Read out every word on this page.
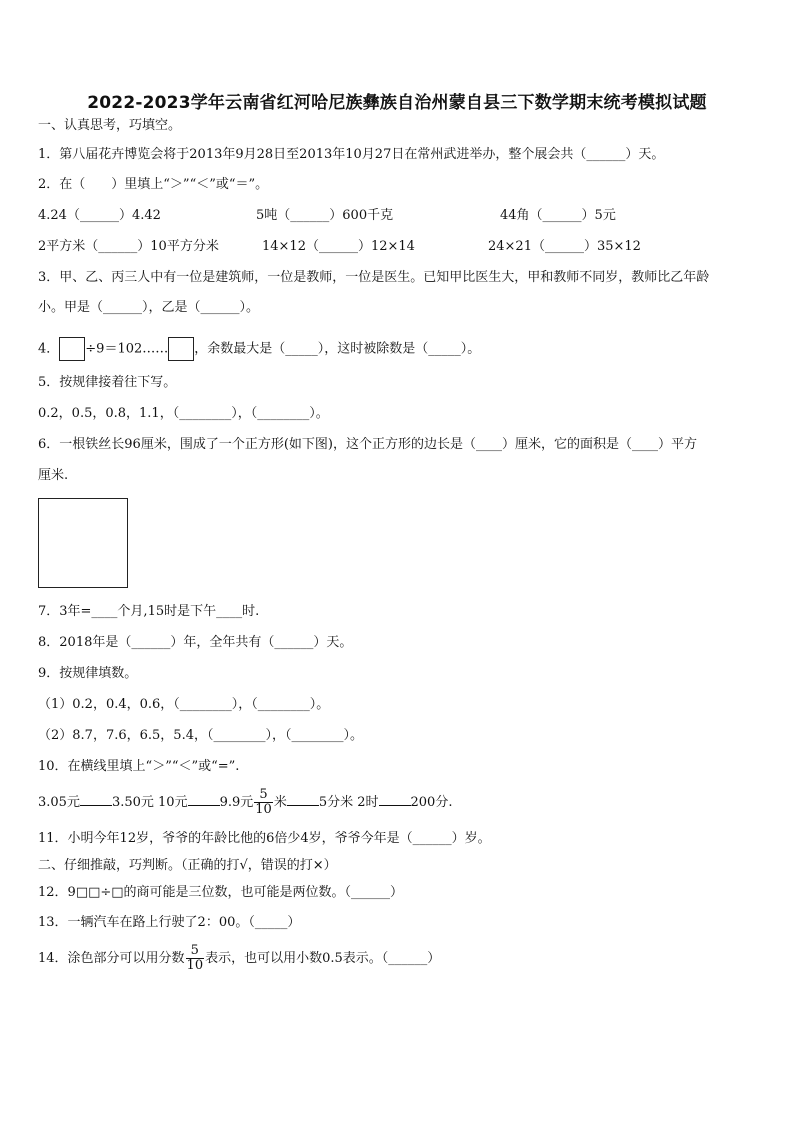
2022-2023学年云南省红河哈尼族彝族自治州蒙自县三下数学期末统考模拟试题
一、认真思考，巧填空。
1．第八届花卉博览会将于2013年9月28日至2013年10月27日在常州武进举办，整个展会共（______）天。
2．在（　　）里填上“＞”“＜”或“＝”。
4.24（______）4.42	5吨（______）600千克	44角（______）5元
2平方米（______）10平方分米	14×12（______）12×14	24×21（______）35×12
3．甲、乙、丙三人中有一位是建筑师，一位是教师，一位是医生。已知甲比医生大，甲和教师不同岁，教师比乙年龄
小。甲是（______），乙是（______）。
4． ÷9＝102…… ，余数最大是（_____），这时被除数是（_____）。
5．按规律接着往下写。
0.2，0.5，0.8，1.1，（________），（________）。
6．一根铁丝长96厘米，围成了一个正方形(如下图)，这个正方形的边长是（____）厘米，它的面积是（____）平方
厘米.
7．3年=____个月,15时是下午____时.
8．2018年是（______）年，全年共有（______）天。
9．按规律填数。
（1）0.2，0.4，0.6，（________），（________）。
（2）8.7，7.6，6.5，5.4，（________），（________）。
10．在横线里填上“＞”“＜”或“=”.
3.05元 3.50元 10元 9.9元 $\frac{5}{10}$ 米 5分米 2时 200分.
11．小明今年12岁，爷爷的年龄比他的6倍少4岁，爷爷今年是（______）岁。
二、仔细推敲，巧判断。（正确的打√，错误的打×）
12．9□□÷□的商可能是三位数，也可能是两位数。（______）
13．一辆汽车在路上行驶了2：00。（_____）
14．涂色部分可以用分数 $\frac{5}{10}$ 表示，也可以用小数0.5表示。（______）
